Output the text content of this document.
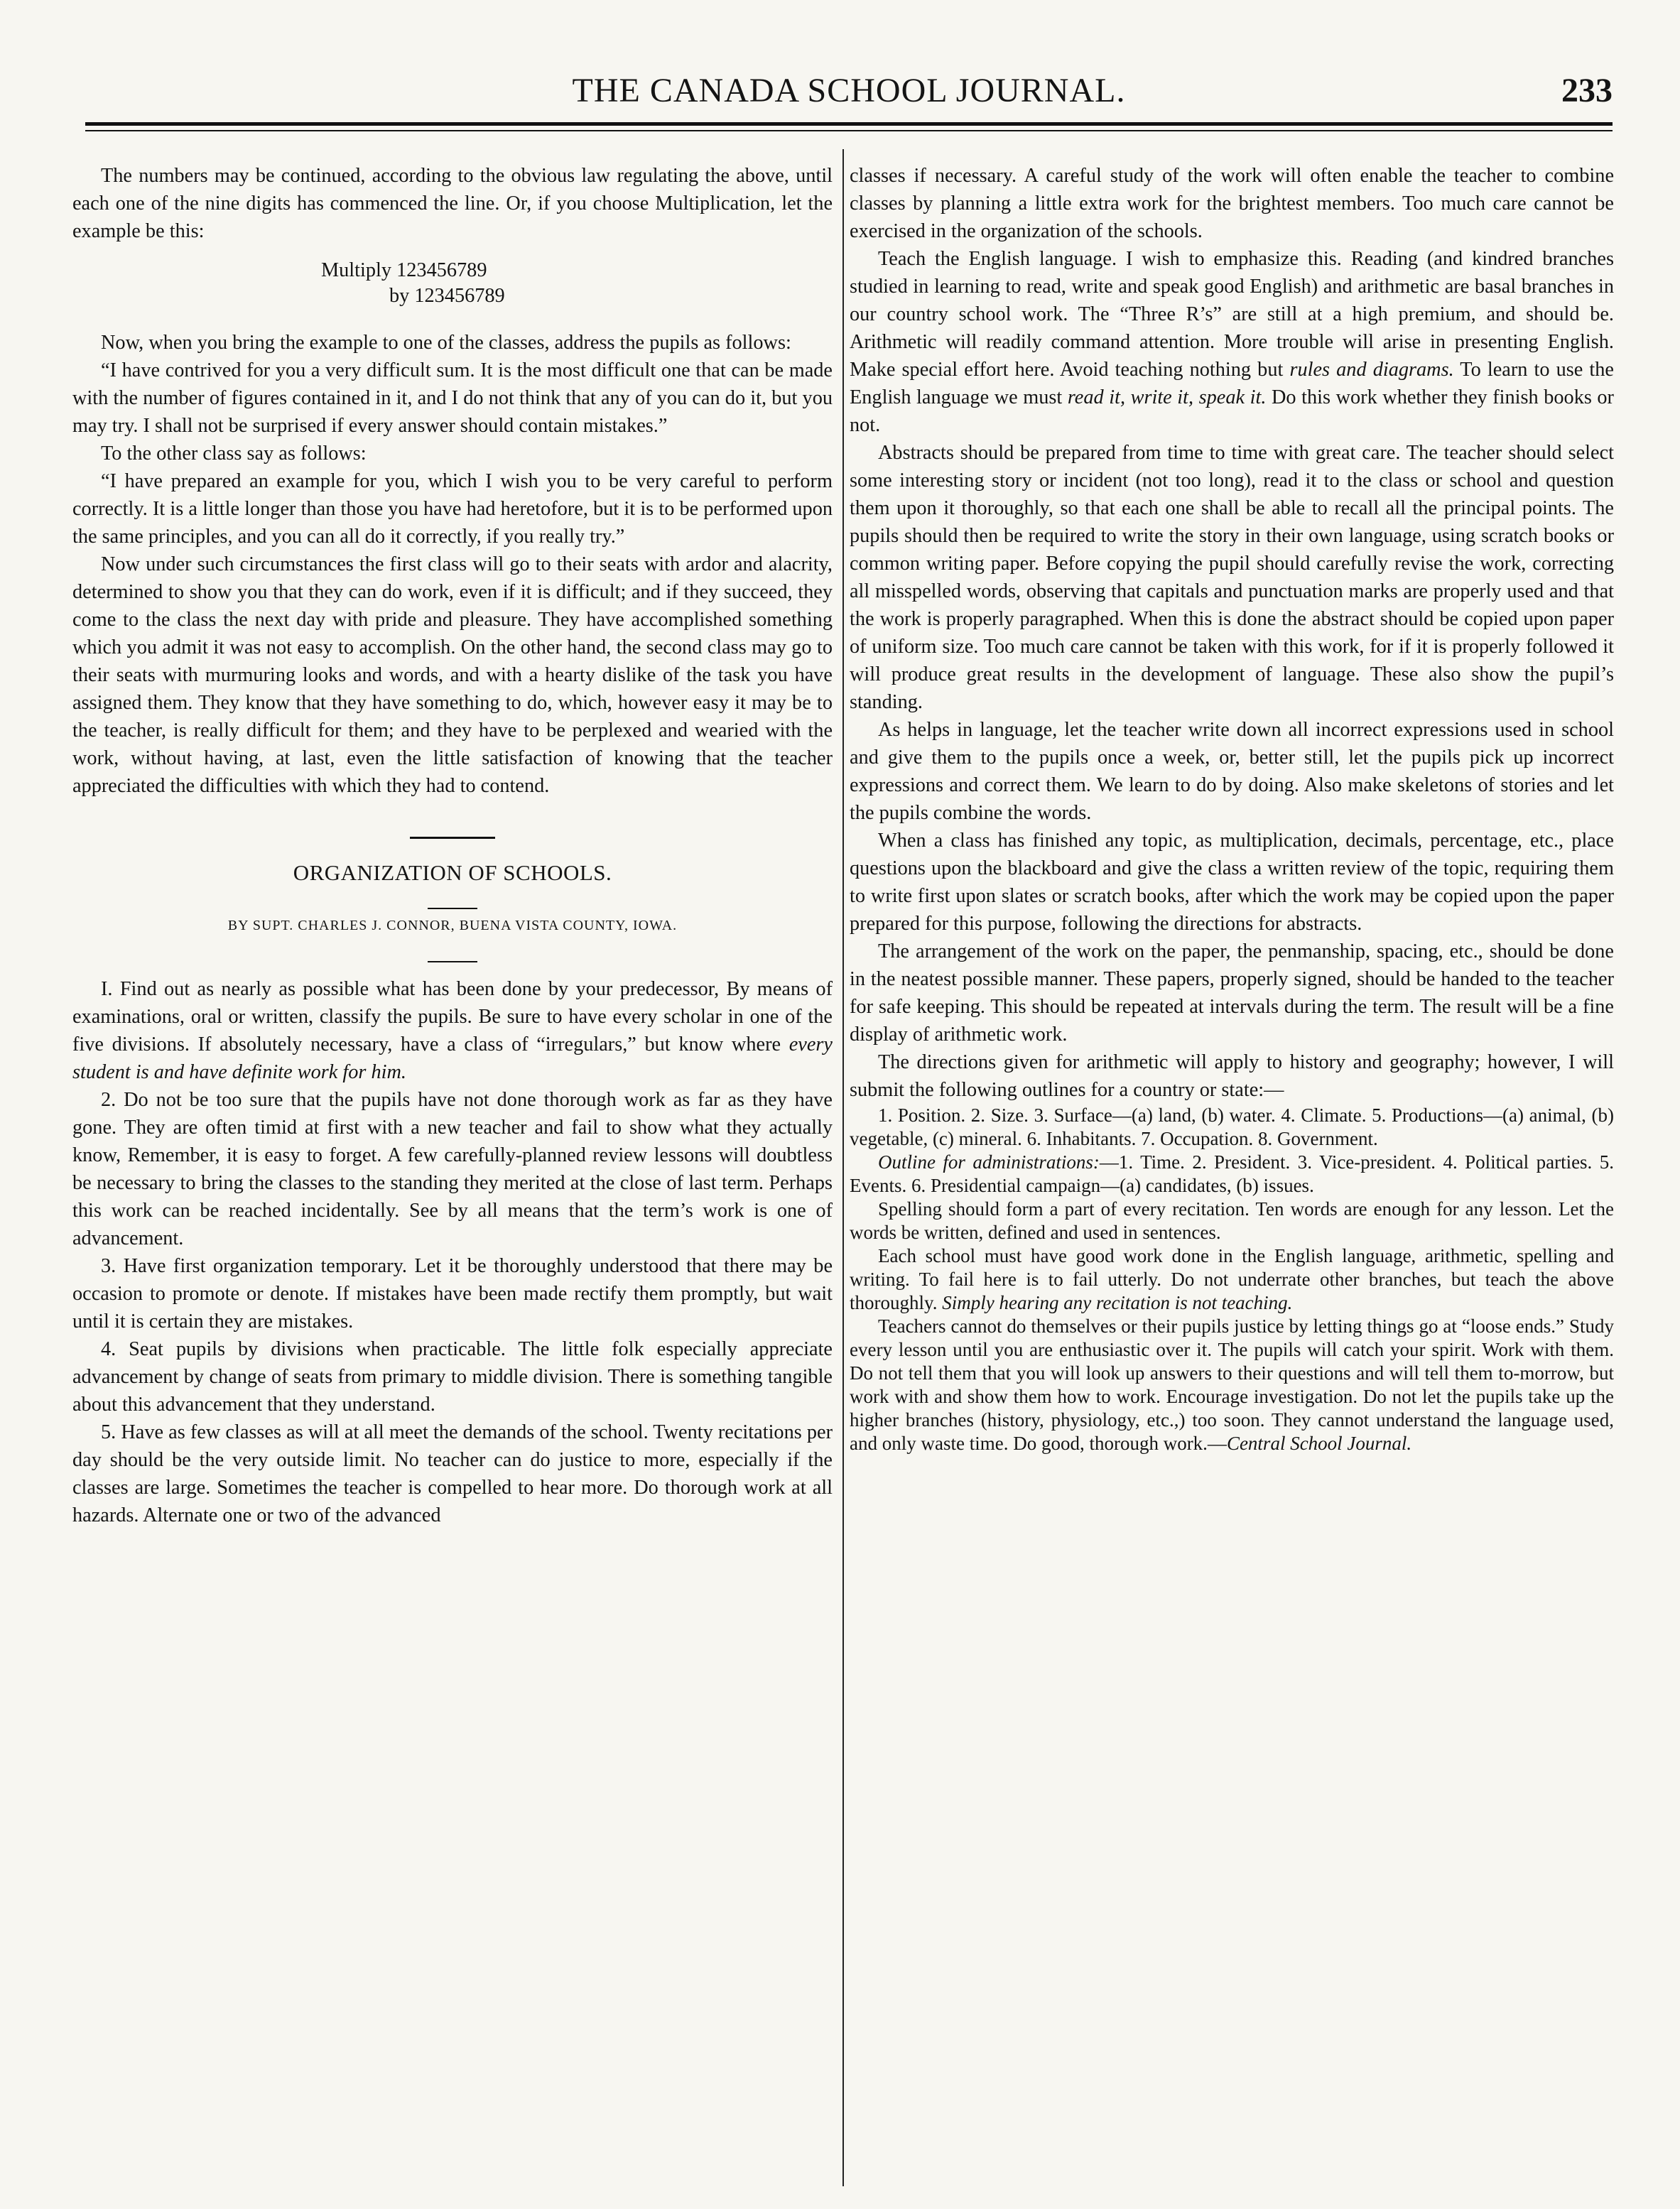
THE CANADA SCHOOL JOURNAL.	233

The numbers may be continued, according to the obvious law regulating the above, until each one of the nine digits has commenced the line. Or, if you choose Multiplication, let the example be this:

Multiply 123456789
by 123456789

Now, when you bring the example to one of the classes, address the pupils as follows:

“I have contrived for you a very difficult sum. It is the most difficult one that can be made with the number of figures contained in it, and I do not think that any of you can do it, but you may try. I shall not be surprised if every answer should contain mistakes.”

To the other class say as follows:

“I have prepared an example for you, which I wish you to be very careful to perform correctly. It is a little longer than those you have had heretofore, but it is to be performed upon the same principles, and you can all do it correctly, if you really try.”

Now under such circumstances the first class will go to their seats with ardor and alacrity, determined to show you that they can do work, even if it is difficult; and if they succeed, they come to the class the next day with pride and pleasure. They have accomplished something which you admit it was not easy to accomplish. On the other hand, the second class may go to their seats with murmuring looks and words, and with a hearty dislike of the task you have assigned them. They know that they have something to do, which, however easy it may be to the teacher, is really difficult for them; and they have to be perplexed and wearied with the work, without having, at last, even the little satisfaction of knowing that the teacher appreciated the difficulties with which they had to contend.

ORGANIZATION OF SCHOOLS.
BY SUPT. CHARLES J. CONNOR, BUENA VISTA COUNTY, IOWA.

I. Find out as nearly as possible what has been done by your predecessor, By means of examinations, oral or written, classify the pupils. Be sure to have every scholar in one of the five divisions. If absolutely necessary, have a class of “irregulars,” but know where every student is and have definite work for him.

2. Do not be too sure that the pupils have not done thorough work as far as they have gone. They are often timid at first with a new teacher and fail to show what they actually know, Remember, it is easy to forget. A few carefully-planned review lessons will doubtless be necessary to bring the classes to the standing they merited at the close of last term. Perhaps this work can be reached incidentally. See by all means that the term’s work is one of advancement.

3. Have first organization temporary. Let it be thoroughly understood that there may be occasion to promote or denote. If mistakes have been made rectify them promptly, but wait until it is certain they are mistakes.

4. Seat pupils by divisions when practicable. The little folk especially appreciate advancement by change of seats from primary to middle division. There is something tangible about this advancement that they understand.

5. Have as few classes as will at all meet the demands of the school. Twenty recitations per day should be the very outside limit. No teacher can do justice to more, especially if the classes are large. Sometimes the teacher is compelled to hear more. Do thorough work at all hazards. Alternate one or two of the advanced

classes if necessary. A careful study of the work will often enable the teacher to combine classes by planning a little extra work for the brightest members. Too much care cannot be exercised in the organization of the schools.

Teach the English language. I wish to emphasize this. Reading (and kindred branches studied in learning to read, write and speak good English) and arithmetic are basal branches in our country school work. The “Three R’s” are still at a high premium, and should be. Arithmetic will readily command attention. More trouble will arise in presenting English. Make special effort here. Avoid teaching nothing but rules and diagrams. To learn to use the English language we must read it, write it, speak it. Do this work whether they finish books or not.

Abstracts should be prepared from time to time with great care. The teacher should select some interesting story or incident (not too long), read it to the class or school and question them upon it thoroughly, so that each one shall be able to recall all the principal points. The pupils should then be required to write the story in their own language, using scratch books or common writing paper. Before copying the pupil should carefully revise the work, correcting all misspelled words, observing that capitals and punctuation marks are properly used and that the work is properly paragraphed. When this is done the abstract should be copied upon paper of uniform size. Too much care cannot be taken with this work, for if it is properly followed it will produce great results in the development of language. These also show the pupil’s standing.

As helps in language, let the teacher write down all incorrect expressions used in school and give them to the pupils once a week, or, better still, let the pupils pick up incorrect expressions and correct them. We learn to do by doing. Also make skeletons of stories and let the pupils combine the words.

When a class has finished any topic, as multiplication, decimals, percentage, etc., place questions upon the blackboard and give the class a written review of the topic, requiring them to write first upon slates or scratch books, after which the work may be copied upon the paper prepared for this purpose, following the directions for abstracts.

The arrangement of the work on the paper, the penmanship, spacing, etc., should be done in the neatest possible manner. These papers, properly signed, should be handed to the teacher for safe keeping. This should be repeated at intervals during the term. The result will be a fine display of arithmetic work.

The directions given for arithmetic will apply to history and geography; however, I will submit the following outlines for a country or state:—

1. Position. 2. Size. 3. Surface—(a) land, (b) water. 4. Climate. 5. Productions—(a) animal, (b) vegetable, (c) mineral. 6. Inhabitants. 7. Occupation. 8. Government.

Outline for administrations:—1. Time. 2. President. 3. Vice-president. 4. Political parties. 5. Events. 6. Presidential campaign—(a) candidates, (b) issues.

Spelling should form a part of every recitation. Ten words are enough for any lesson. Let the words be written, defined and used in sentences.

Each school must have good work done in the English language, arithmetic, spelling and writing. To fail here is to fail utterly. Do not underrate other branches, but teach the above thoroughly. Simply hearing any recitation is not teaching.

Teachers cannot do themselves or their pupils justice by letting things go at “loose ends.” Study every lesson until you are enthusiastic over it. The pupils will catch your spirit. Work with them. Do not tell them that you will look up answers to their questions and will tell them to-morrow, but work with and show them how to work. Encourage investigation. Do not let the pupils take up the higher branches (history, physiology, etc.,) too soon. They cannot understand the language used, and only waste time. Do good, thorough work.—Central School Journal.
